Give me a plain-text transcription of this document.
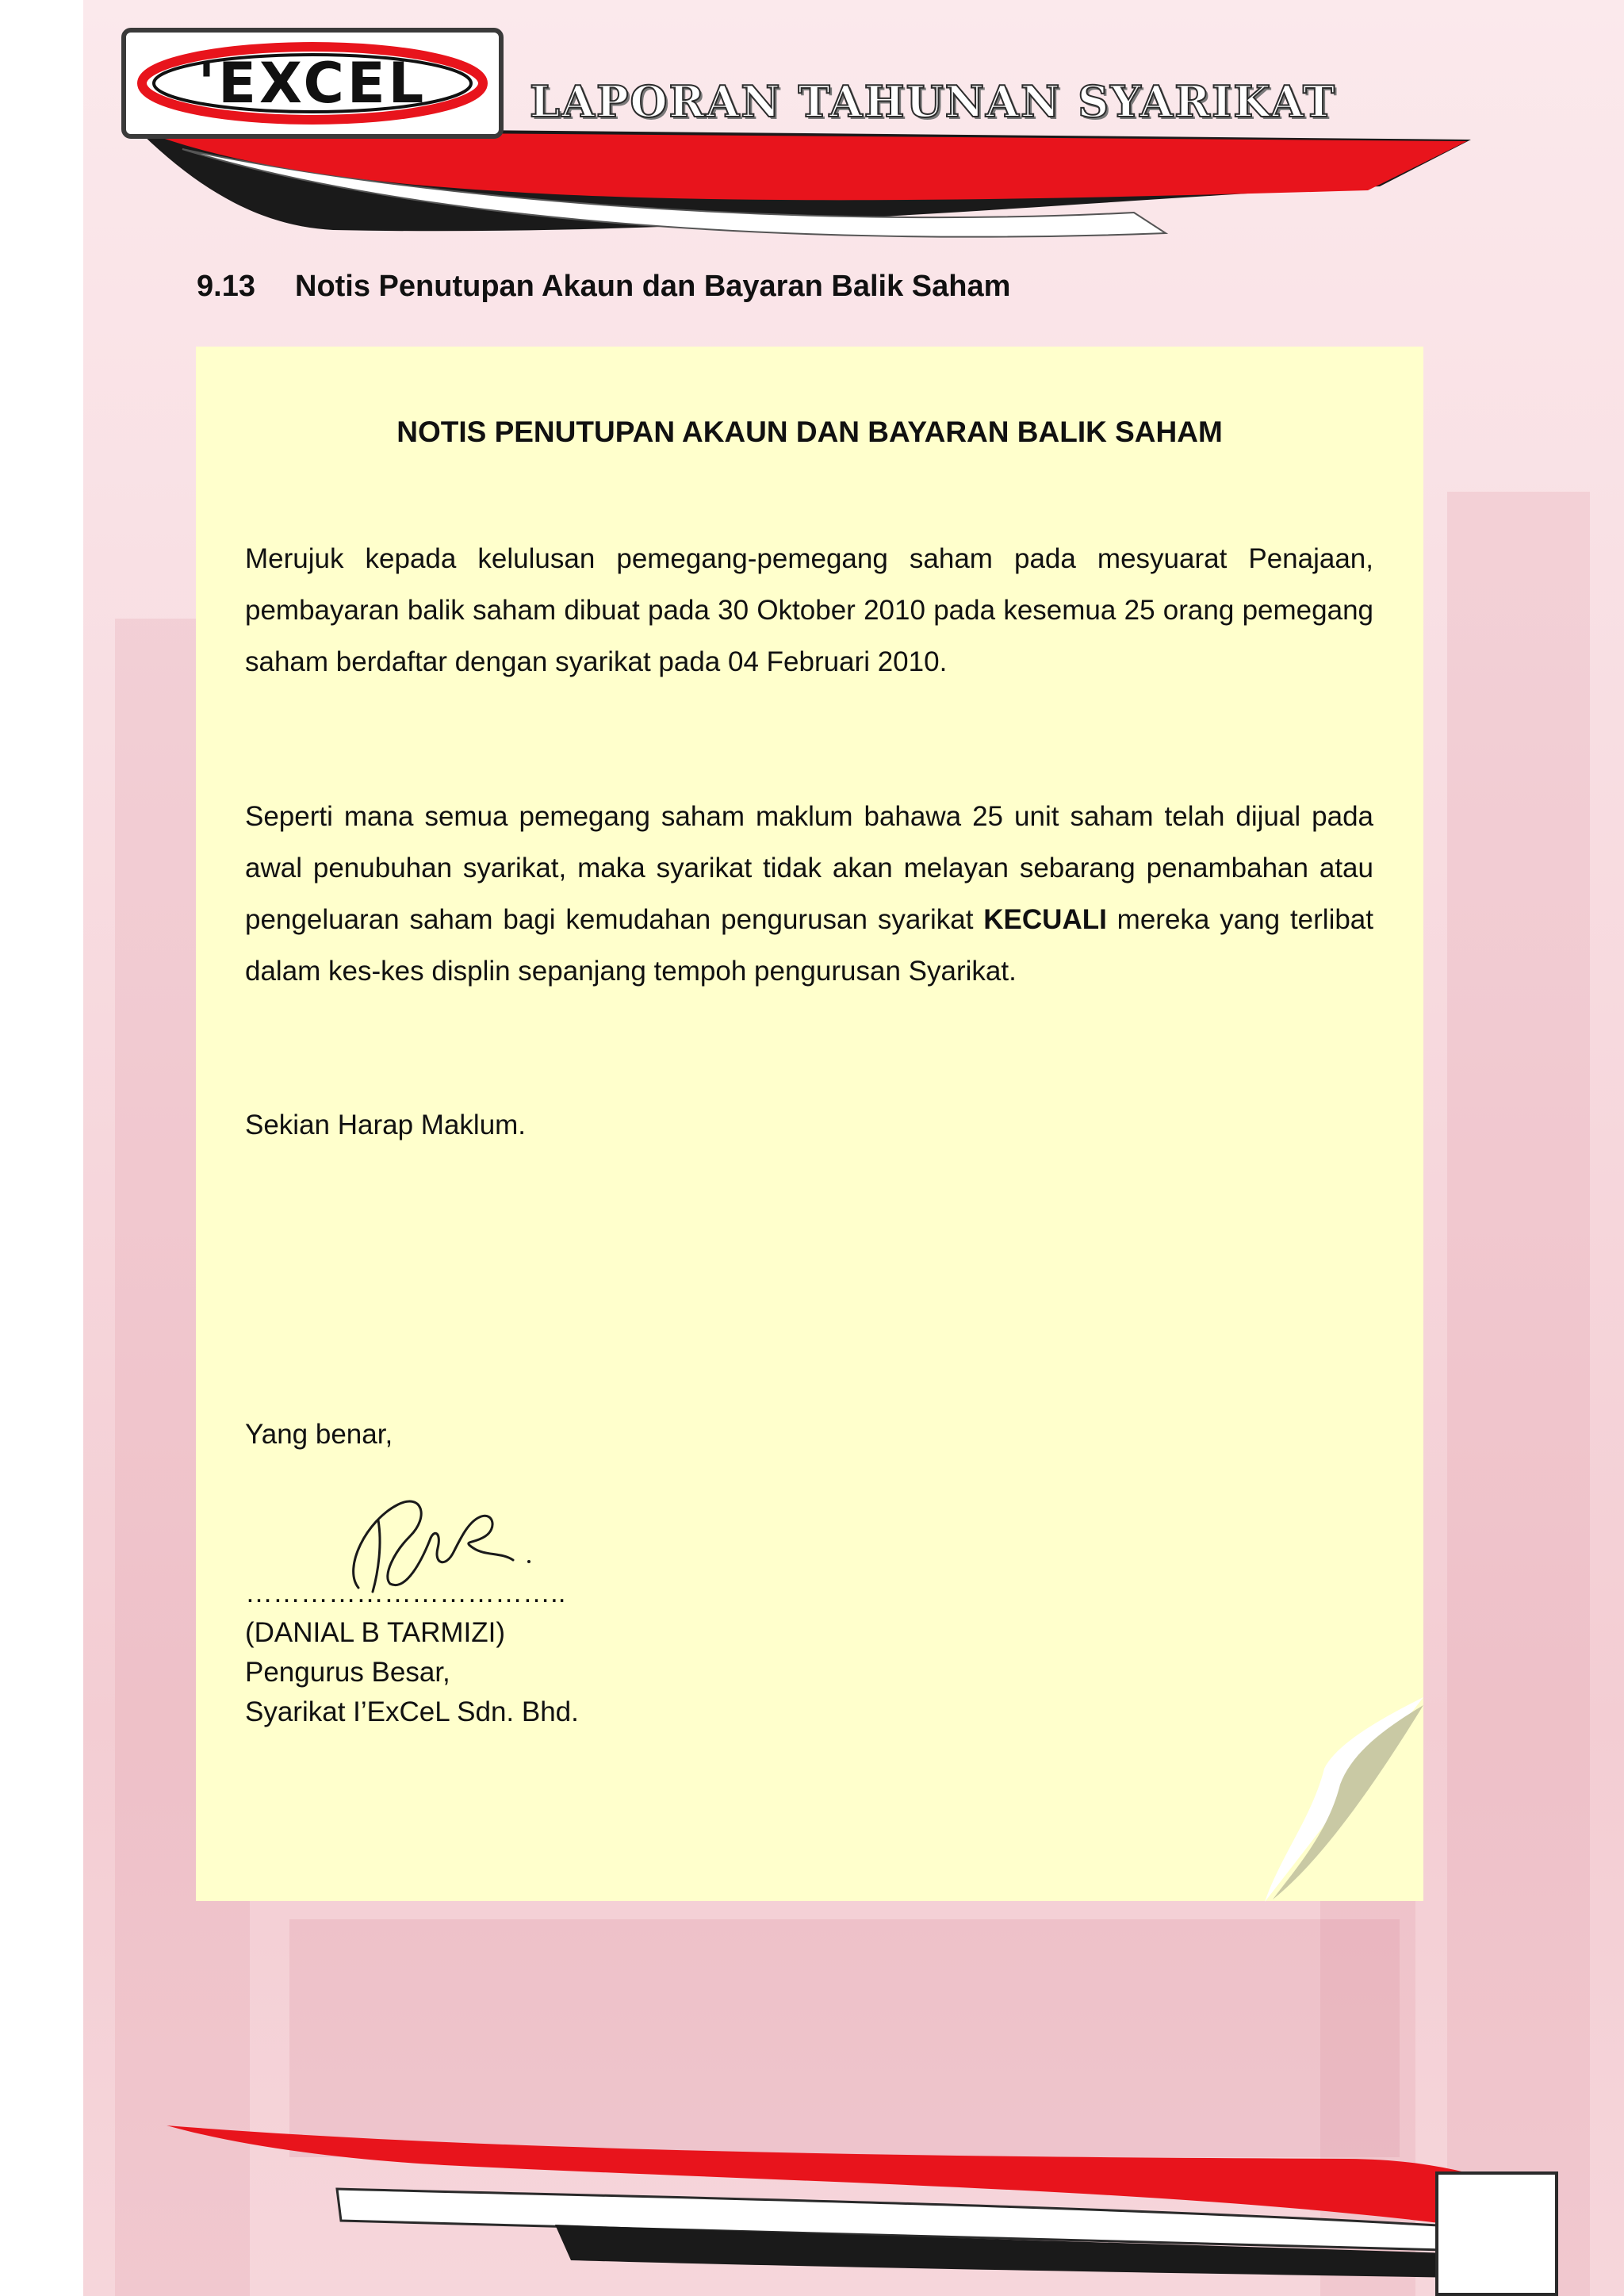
'EXCEL	LAPORAN TAHUNAN SYARIKAT
9.13 Notis Penutupan Akaun dan Bayaran Balik Saham
NOTIS PENUTUPAN AKAUN DAN BAYARAN BALIK SAHAM
Merujuk kepada kelulusan pemegang-pemegang saham pada mesyuarat Penajaan, pembayaran balik saham dibuat pada 30 Oktober 2010 pada kesemua 25 orang pemegang saham berdaftar dengan syarikat pada 04 Februari 2010.
Seperti mana semua pemegang saham maklum bahawa 25 unit saham telah dijual pada awal penubuhan syarikat, maka syarikat tidak akan melayan sebarang penambahan atau pengeluaran saham bagi kemudahan pengurusan syarikat KECUALI mereka yang terlibat dalam kes-kes displin sepanjang tempoh pengurusan Syarikat.
Sekian Harap Maklum.
Yang benar,
……………………………..
(DANIAL B TARMIZI)
Pengurus Besar,
Syarikat I’ExCeL Sdn. Bhd.
